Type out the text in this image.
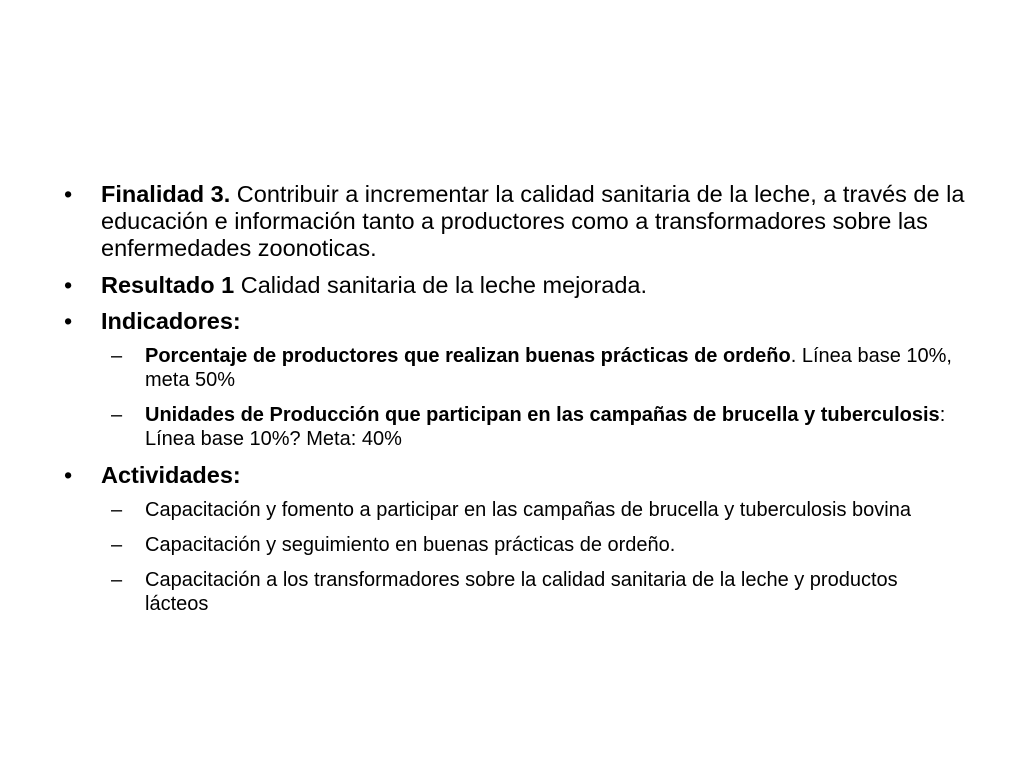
• Finalidad 3. Contribuir a incrementar la calidad sanitaria de la leche, a través de la educación e información tanto a productores como a transformadores sobre las enfermedades zoonoticas.
• Resultado 1 Calidad sanitaria de la leche mejorada.
• Indicadores:
– Porcentaje de productores que realizan buenas prácticas de ordeño. Línea base 10%, meta 50%
– Unidades de Producción que participan en las campañas de brucella y tuberculosis: Línea base 10%? Meta: 40%
• Actividades:
– Capacitación y fomento a participar en las campañas de brucella y tuberculosis bovina
– Capacitación y seguimiento en buenas prácticas de ordeño.
– Capacitación a los transformadores sobre la calidad sanitaria de la leche y productos lácteos
